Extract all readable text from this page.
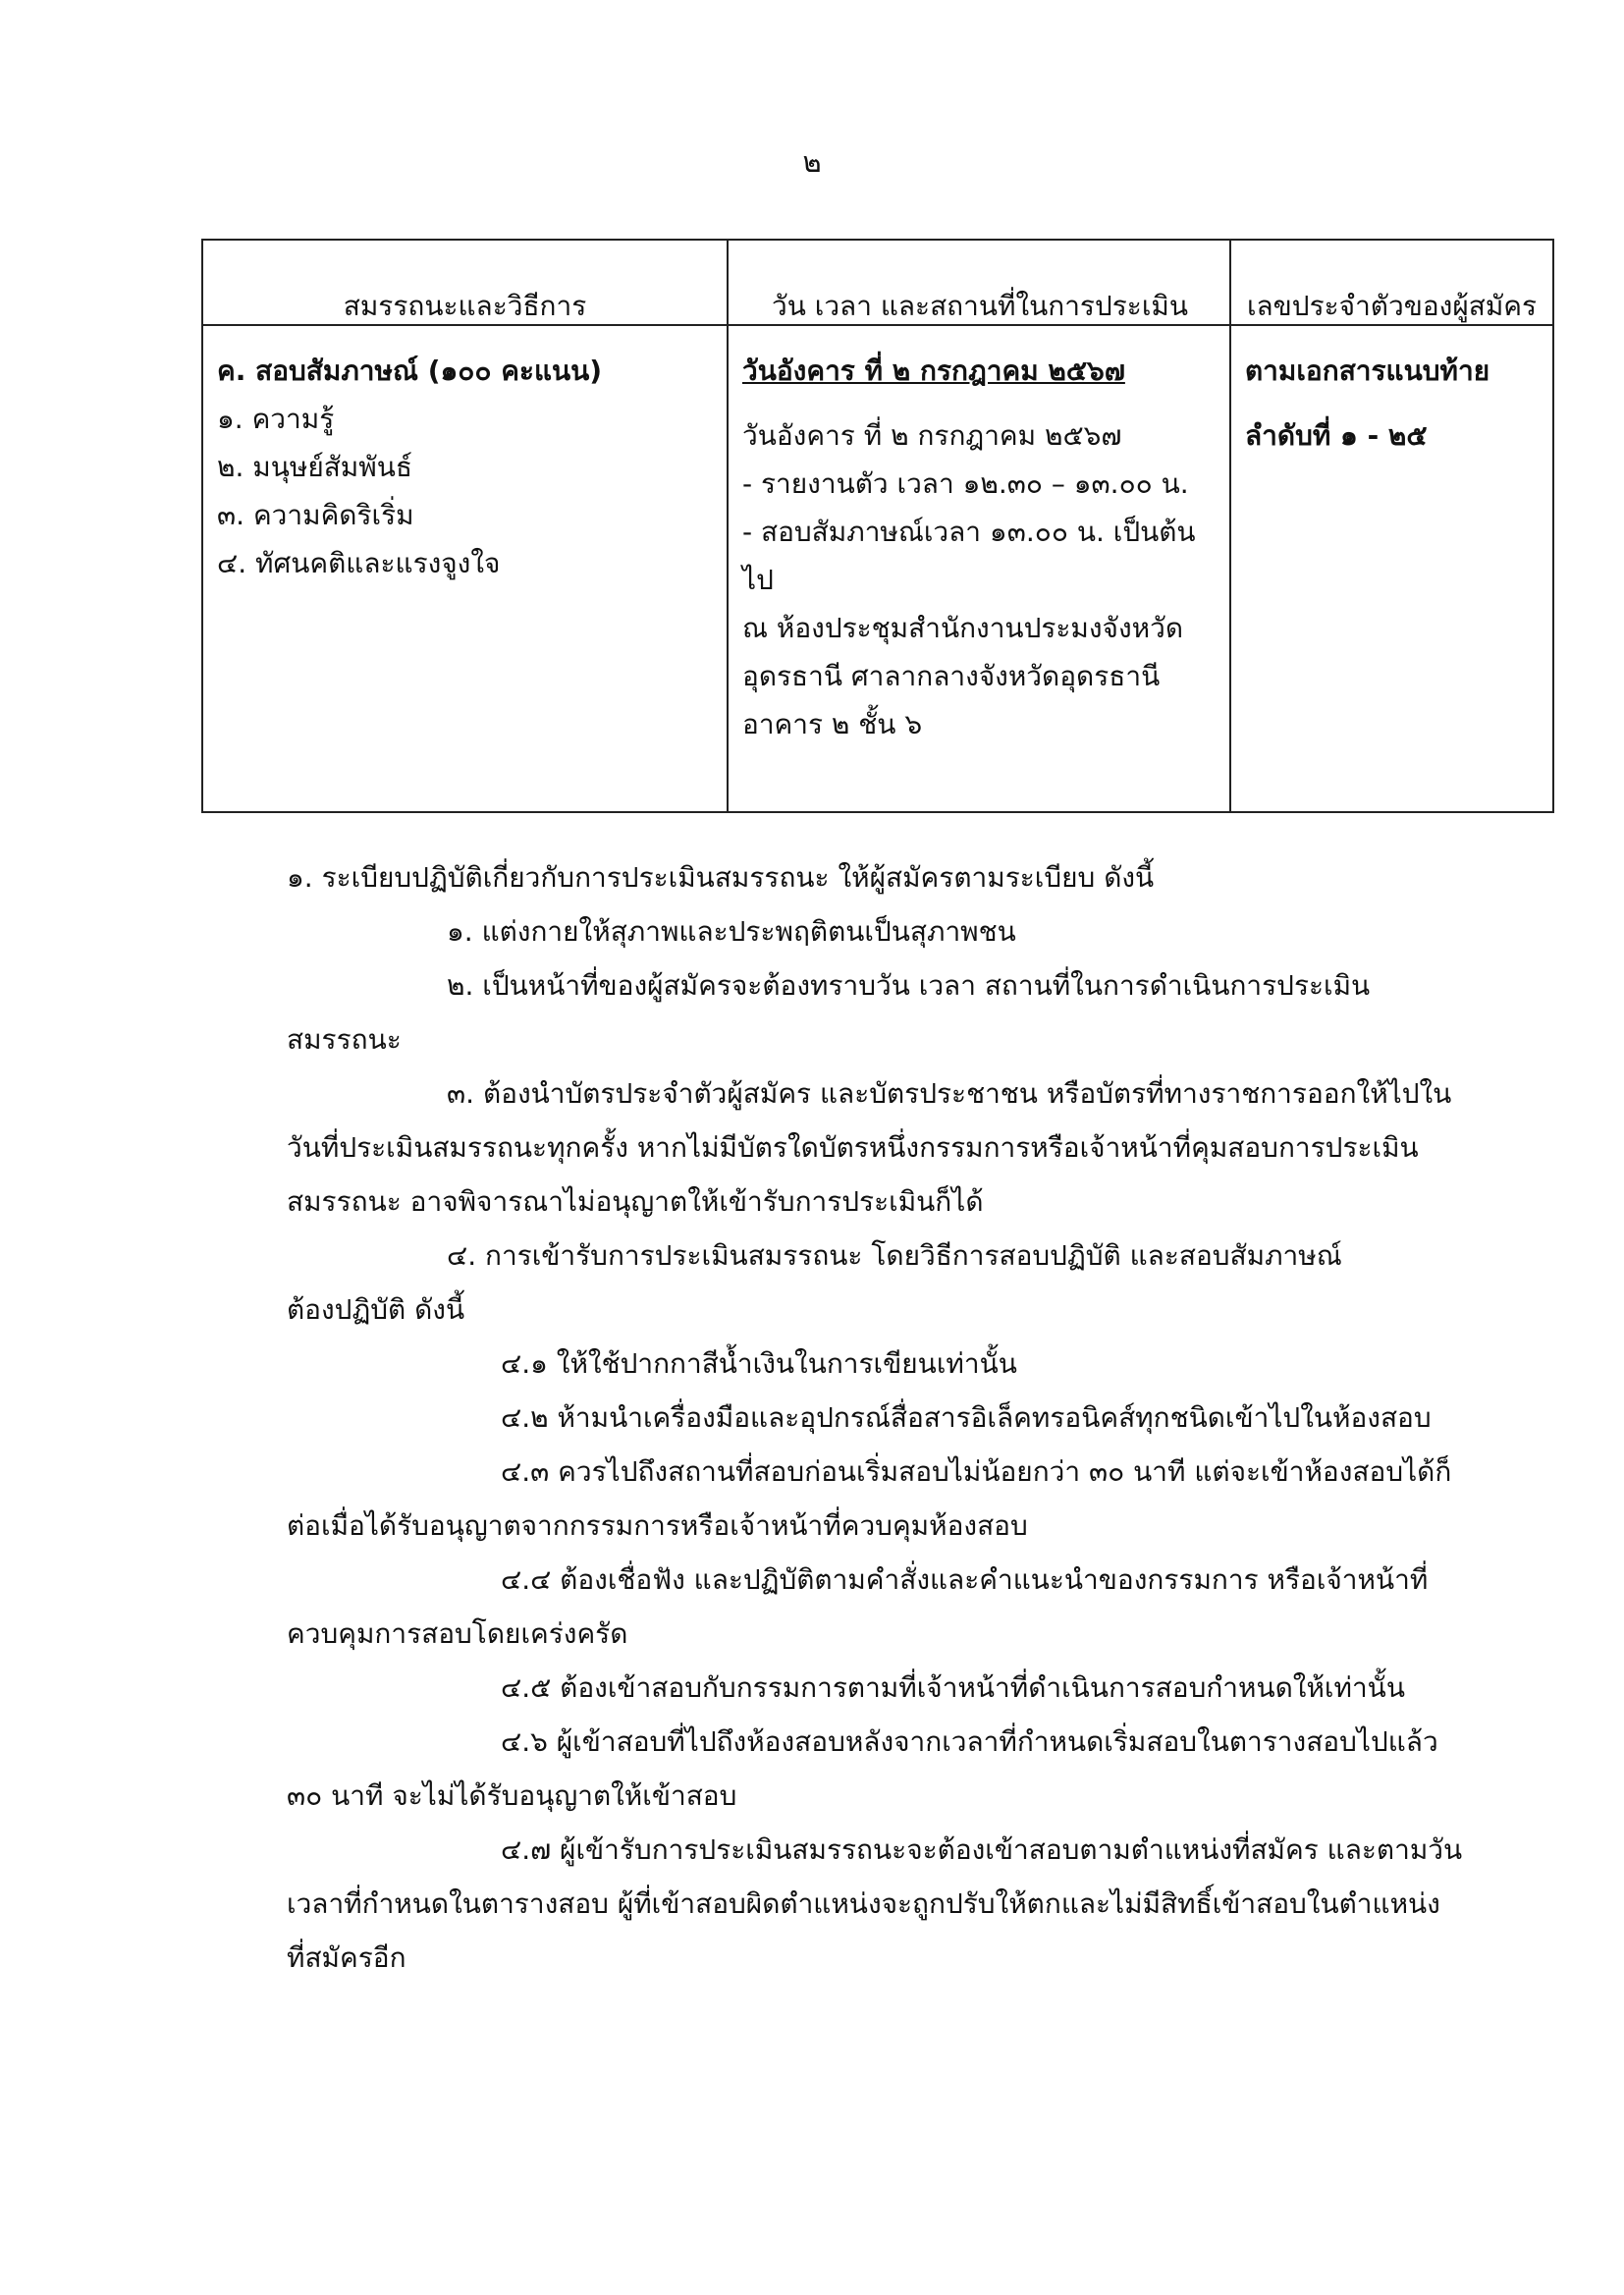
๒
สมรรถนะและวิธีการ
ค. สอบสัมภาษณ์ (๑๐๐ คะแนน)
๑. ความรู้
๒. มนุษย์สัมพันธ์
๓. ความคิดริเริ่ม
๔. ทัศนคติและแรงจูงใจ
วัน เวลา และสถานที่ในการประเมิน
วันอังคาร ที่ ๒ กรกฎาคม ๒๕๖๗
วันอังคาร ที่ ๒ กรกฎาคม ๒๕๖๗
- รายงานตัว เวลา ๑๒.๓๐ – ๑๓.๐๐ น.
- สอบสัมภาษณ์เวลา ๑๓.๐๐ น. เป็นต้น
ไป
ณ ห้องประชุมสำนักงานประมงจังหวัด
อุดรธานี ศาลากลางจังหวัดอุดรธานี
อาคาร ๒ ชั้น ๖
เลขประจำตัวของผู้สมัคร
ตามเอกสารแนบท้าย
ลำดับที่ ๑ - ๒๕
๑. ระเบียบปฏิบัติเกี่ยวกับการประเมินสมรรถนะ ให้ผู้สมัครตามระเบียบ ดังนี้
๑. แต่งกายให้สุภาพและประพฤติตนเป็นสุภาพชน
๒. เป็นหน้าที่ของผู้สมัครจะต้องทราบวัน เวลา สถานที่ในการดำเนินการประเมิน
สมรรถนะ
๓. ต้องนำบัตรประจำตัวผู้สมัคร และบัตรประชาชน หรือบัตรที่ทางราชการออกให้ไปใน
วันที่ประเมินสมรรถนะทุกครั้ง หากไม่มีบัตรใดบัตรหนึ่งกรรมการหรือเจ้าหน้าที่คุมสอบการประเมิน
สมรรถนะ อาจพิจารณาไม่อนุญาตให้เข้ารับการประเมินก็ได้
๔. การเข้ารับการประเมินสมรรถนะ โดยวิธีการสอบปฏิบัติ และสอบสัมภาษณ์
ต้องปฏิบัติ ดังนี้
๔.๑ ให้ใช้ปากกาสีน้ำเงินในการเขียนเท่านั้น
๔.๒ ห้ามนำเครื่องมือและอุปกรณ์สื่อสารอิเล็คทรอนิคส์ทุกชนิดเข้าไปในห้องสอบ
๔.๓ ควรไปถึงสถานที่สอบก่อนเริ่มสอบไม่น้อยกว่า ๓๐ นาที แต่จะเข้าห้องสอบได้ก็
ต่อเมื่อได้รับอนุญาตจากกรรมการหรือเจ้าหน้าที่ควบคุมห้องสอบ
๔.๔ ต้องเชื่อฟัง และปฏิบัติตามคำสั่งและคำแนะนำของกรรมการ หรือเจ้าหน้าที่
ควบคุมการสอบโดยเคร่งครัด
๔.๕ ต้องเข้าสอบกับกรรมการตามที่เจ้าหน้าที่ดำเนินการสอบกำหนดให้เท่านั้น
๔.๖ ผู้เข้าสอบที่ไปถึงห้องสอบหลังจากเวลาที่กำหนดเริ่มสอบในตารางสอบไปแล้ว
๓๐ นาที จะไม่ได้รับอนุญาตให้เข้าสอบ
๔.๗ ผู้เข้ารับการประเมินสมรรถนะจะต้องเข้าสอบตามตำแหน่งที่สมัคร และตามวัน
เวลาที่กำหนดในตารางสอบ ผู้ที่เข้าสอบผิดตำแหน่งจะถูกปรับให้ตกและไม่มีสิทธิ์เข้าสอบในตำแหน่ง
ที่สมัครอีก
